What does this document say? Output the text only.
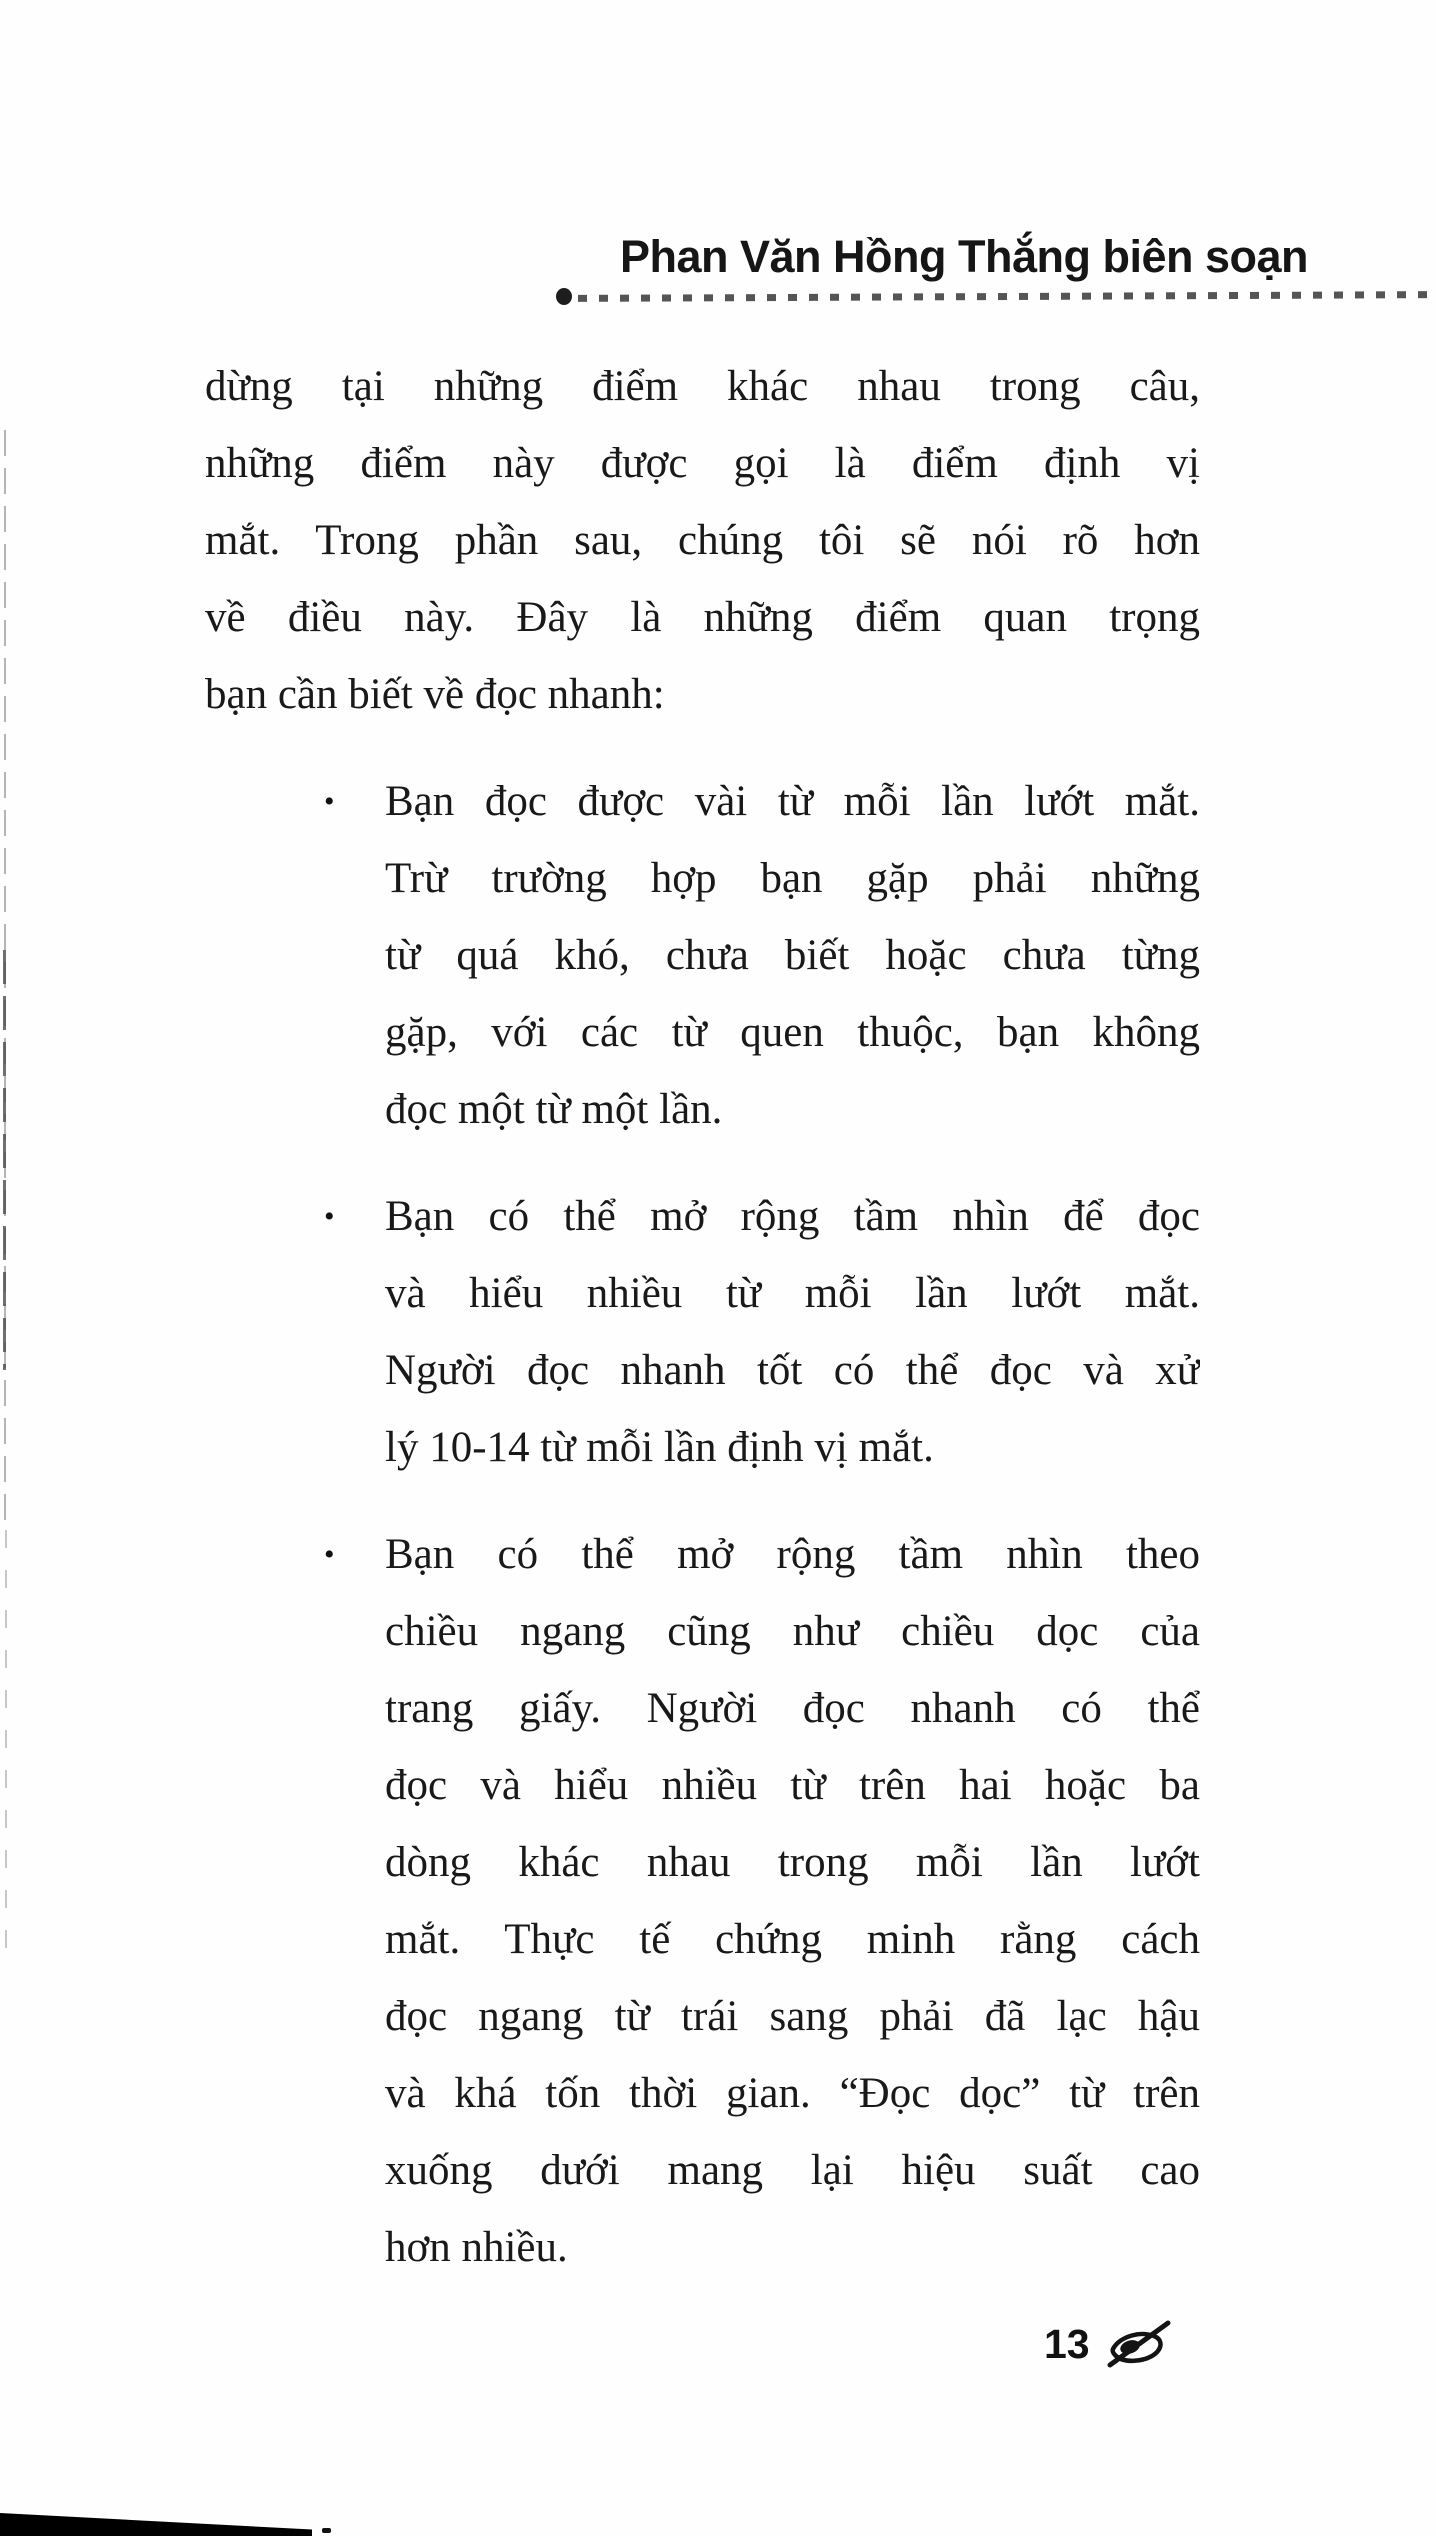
Phan Văn Hồng Thắng biên soạn
dừng tại những điểm khác nhau trong câu,
những điểm này được gọi là điểm định vị
mắt. Trong phần sau, chúng tôi sẽ nói rõ hơn
về điều này. Đây là những điểm quan trọng
bạn cần biết về đọc nhanh:
•	Bạn đọc được vài từ mỗi lần lướt mắt.
Trừ trường hợp bạn gặp phải những
từ quá khó, chưa biết hoặc chưa từng
gặp, với các từ quen thuộc, bạn không
đọc một từ một lần.
•	Bạn có thể mở rộng tầm nhìn để đọc
và hiểu nhiều từ mỗi lần lướt mắt.
Người đọc nhanh tốt có thể đọc và xử
lý 10-14 từ mỗi lần định vị mắt.
•	Bạn có thể mở rộng tầm nhìn theo
chiều ngang cũng như chiều dọc của
trang giấy. Người đọc nhanh có thể
đọc và hiểu nhiều từ trên hai hoặc ba
dòng khác nhau trong mỗi lần lướt
mắt. Thực tế chứng minh rằng cách
đọc ngang từ trái sang phải đã lạc hậu
và khá tốn thời gian. “Đọc dọc” từ trên
xuống dưới mang lại hiệu suất cao
hơn nhiều.
13
